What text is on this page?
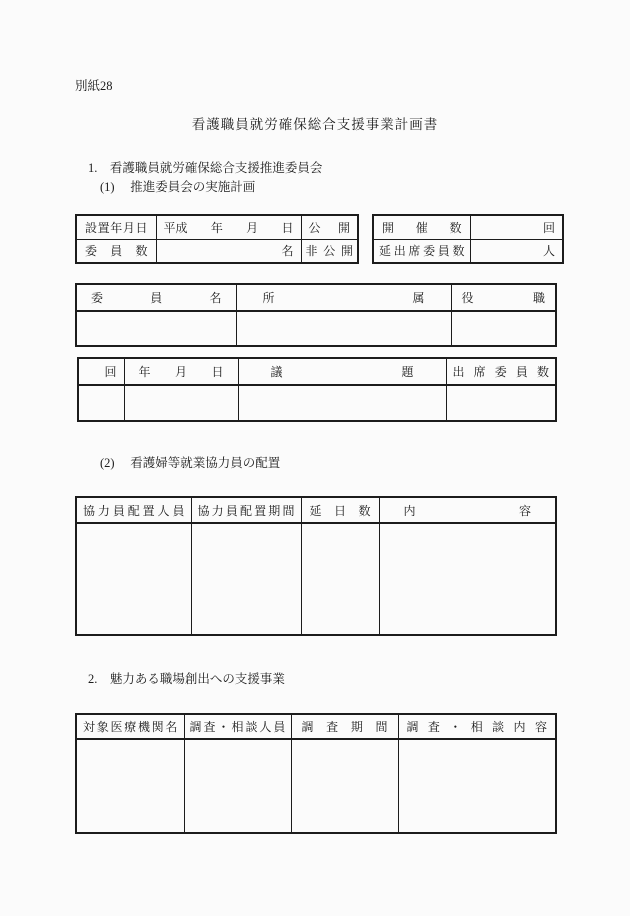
別紙28
看護職員就労確保総合支援事業計画書
1.　看護職員就労確保総合支援推進委員会
(1)　 推進委員会の実施計画
設 置 年 月 日	平成 年 月 日	公 開

委 員 数	名	非 公 開
開 催 数	回

延 出 席 委 員 数	人
委 員 名	所 属	役 職

回	年 月 日	議 題	出 席 委 員 数

(2)　 看護婦等就業協力員の配置
協 力 員 配 置 人 員	協 力 員 配 置 期 間	延 日 数	内	容

2.　魅力ある職場創出への支援事業
対 象 医 療 機 関 名	調 査 ・ 相 談 人 員	調 査 期 間	調 査 ・ 相 談 内 容
